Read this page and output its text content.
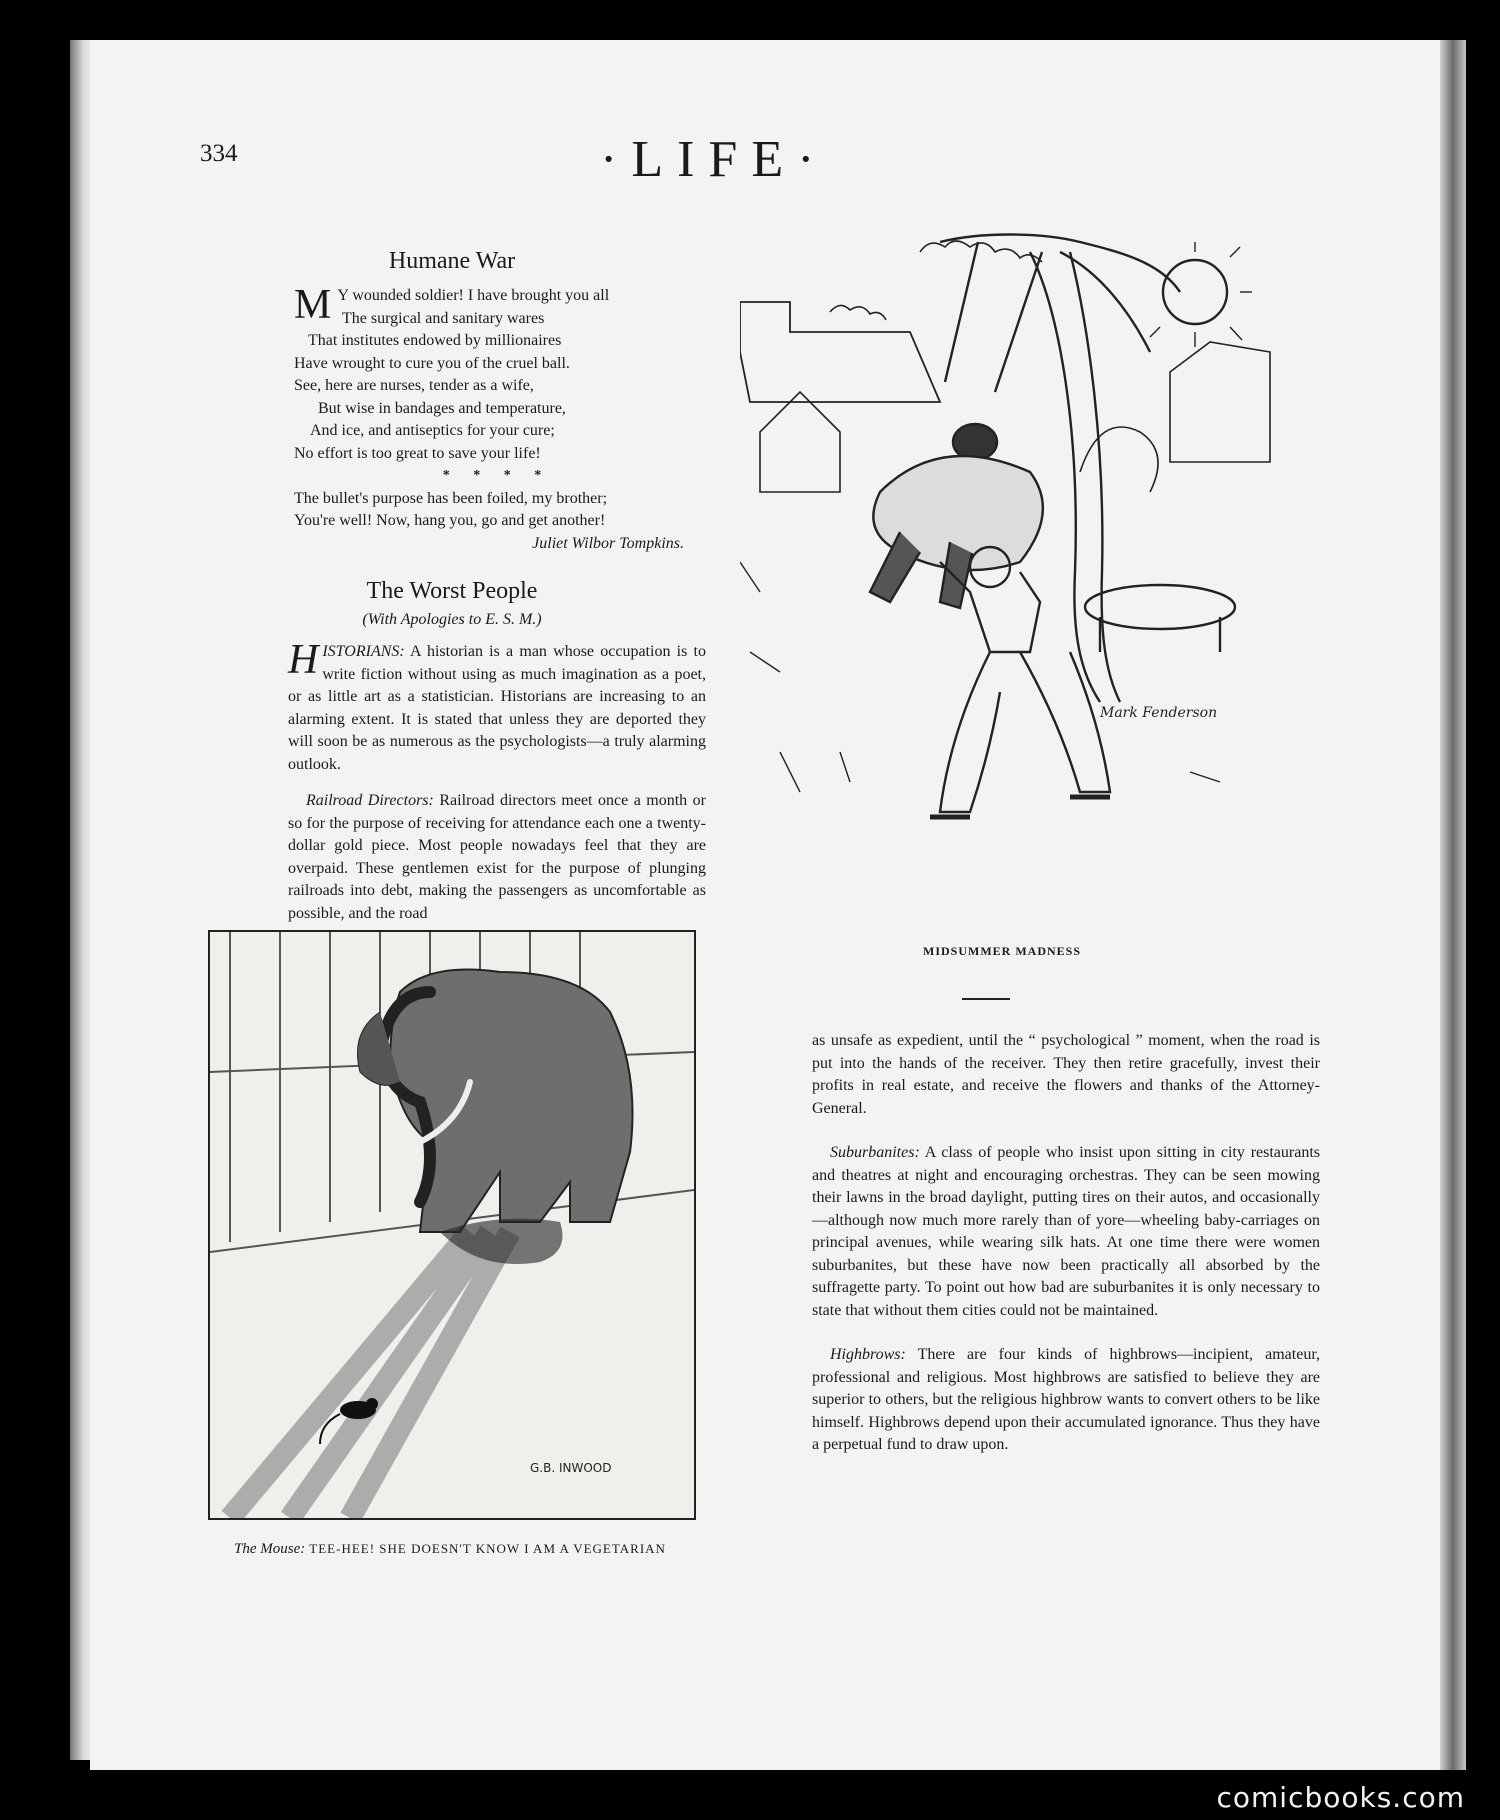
334	·LIFE·
Humane War

M Y wounded soldier! I have brought you all

The surgical and sanitary wares

That institutes endowed by millionaires

Have wrought to cure you of the cruel ball.

See, here are nurses, tender as a wife,

But wise in bandages and temperature,

And ice, and antiseptics for your cure;

No effort is too great to save your life!

* * * *

The bullet's purpose has been foiled, my brother;

You're well! Now, hang you, go and get another!

Juliet Wilbor Tompkins.

The Worst People
(With Apologies to E. S. M.)

HISTORIANS: A historian is a man whose occupation is to write fiction without using as much imagination as a poet, or as little art as a statistician. Historians are increasing to an alarming extent. It is stated that unless they are deported they will soon be as numerous as the psychologists—a truly alarming outlook.

Railroad Directors: Railroad directors meet once a month or so for the purpose of receiving for attendance each one a twenty-dollar gold piece. Most people nowadays feel that they are overpaid. These gentlemen exist for the purpose of plunging railroads into debt, making the passengers as uncomfortable as possible, and the road

Mark Fenderson
MIDSUMMER MADNESS

as unsafe as expedient, until the “ psychological ” moment, when the road is put into the hands of the receiver. They then retire gracefully, invest their profits in real estate, and receive the flowers and thanks of the Attorney-General.

Suburbanites: A class of people who insist upon sitting in city restaurants and theatres at night and encouraging orchestras. They can be seen mowing their lawns in the broad daylight, putting tires on their autos, and occasionally—although now much more rarely than of yore—wheeling baby-carriages on principal avenues, while wearing silk hats. At one time there were women suburbanites, but these have now been practically all absorbed by the suffragette party. To point out how bad are suburbanites it is only necessary to state that without them cities could not be maintained.

Highbrows: There are four kinds of highbrows—incipient, amateur, professional and religious. Most highbrows are satisfied to believe they are superior to others, but the religious highbrow wants to convert others to be like himself. Highbrows depend upon their accumulated ignorance. Thus they have a perpetual fund to draw upon.

G.B. INWOOD
The Mouse: TEE-HEE! SHE DOESN'T KNOW I AM A VEGETARIAN
comicbooks.com
